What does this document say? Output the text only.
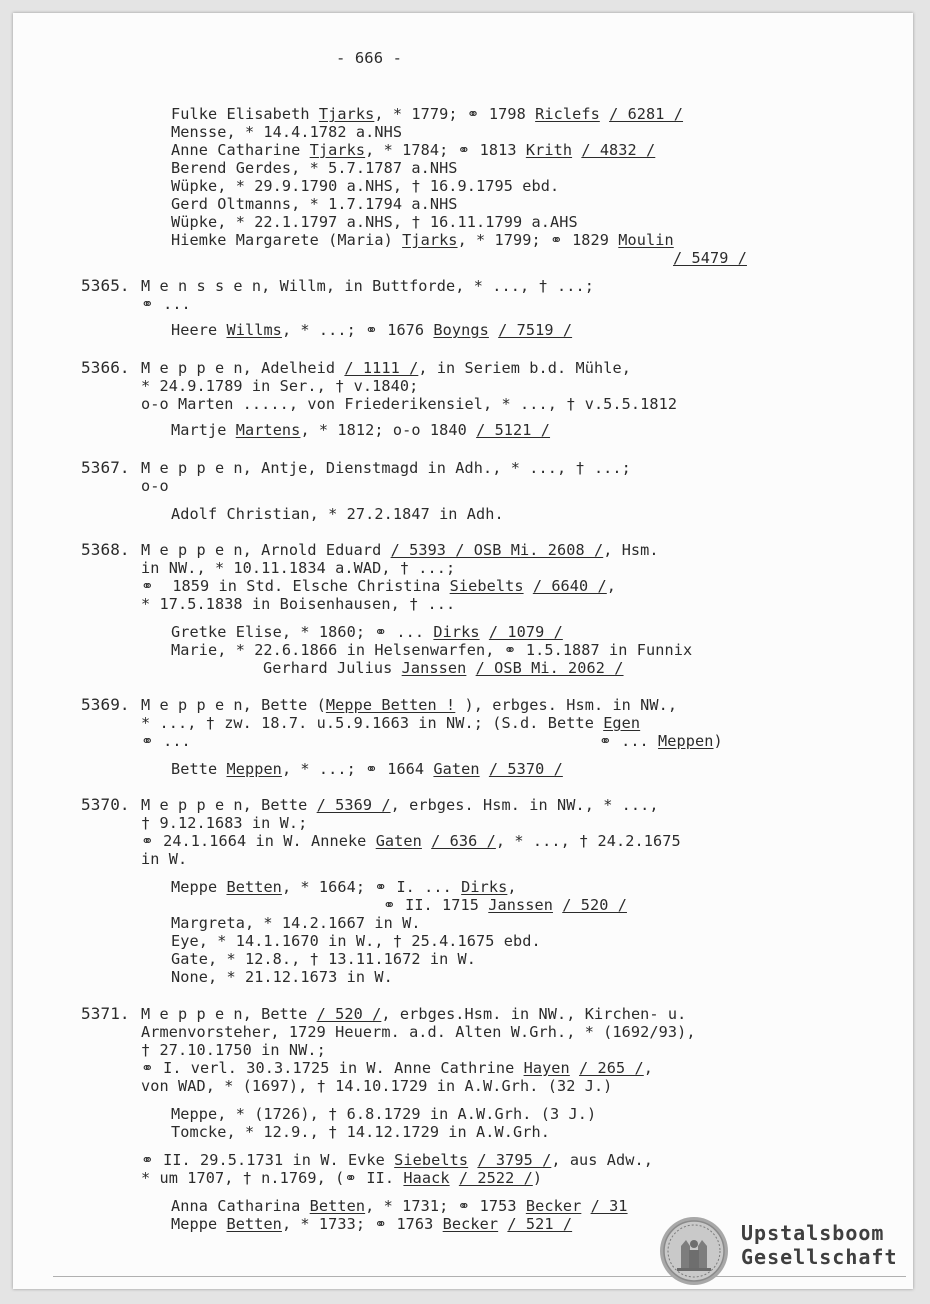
- 666 -
Fulke Elisabeth Tjarks, * 1779; ⚭ 1798 Riclefs / 6281 /
Mensse, * 14.4.1782 a.NHS
Anne Catharine Tjarks, * 1784; ⚭ 1813 Krith / 4832 /
Berend Gerdes, * 5.7.1787 a.NHS
Wüpke, * 29.9.1790 a.NHS, † 16.9.1795 ebd.
Gerd Oltmanns, * 1.7.1794 a.NHS
Wüpke, * 22.1.1797 a.NHS, † 16.11.1799 a.AHS
Hiemke Margarete (Maria) Tjarks, * 1799; ⚭ 1829 Moulin
/ 5479 /
5365. M e n s s e n, Willm, in Buttforde, * ..., † ...;
⚭ ...
Heere Willms, * ...; ⚭ 1676 Boyngs / 7519 /
5366. M e p p e n, Adelheid / 1111 /, in Seriem b.d. Mühle,
* 24.9.1789 in Ser., † v.1840;
o-o Marten ....., von Friederikensiel, * ..., † v.5.5.1812
Martje Martens, * 1812; o-o 1840 / 5121 /
5367. M e p p e n, Antje, Dienstmagd in Adh., * ..., † ...;
o-o
Adolf Christian, * 27.2.1847 in Adh.
5368. M e p p e n, Arnold Eduard / 5393 / OSB Mi. 2608 /, Hsm.
in NW., * 10.11.1834 a.WAD, † ...;
⚭  1859 in Std. Elsche Christina Siebelts / 6640 /,
* 17.5.1838 in Boisenhausen, † ...
Gretke Elise, * 1860; ⚭ ... Dirks / 1079 /
Marie, * 22.6.1866 in Helsenwarfen, ⚭ 1.5.1887 in Funnix
Gerhard Julius Janssen / OSB Mi. 2062 /
5369. M e p p e n, Bette (Meppe Betten ! ), erbges. Hsm. in NW.,
* ..., † zw. 18.7. u.5.9.1663 in NW.; (S.d. Bette Egen
⚭ ...	⚭ ... Meppen)
Bette Meppen, * ...; ⚭ 1664 Gaten / 5370 /
5370. M e p p e n, Bette / 5369 /, erbges. Hsm. in NW., * ...,
† 9.12.1683 in W.;
⚭ 24.1.1664 in W. Anneke Gaten / 636 /, * ..., † 24.2.1675
in W.
Meppe Betten, * 1664; ⚭ I. ... Dirks,
⚭ II. 1715 Janssen / 520 /
Margreta, * 14.2.1667 in W.
Eye, * 14.1.1670 in W., † 25.4.1675 ebd.
Gate, * 12.8., † 13.11.1672 in W.
None, * 21.12.1673 in W.
5371. M e p p e n, Bette / 520 /, erbges.Hsm. in NW., Kirchen- u.
Armenvorsteher, 1729 Heuerm. a.d. Alten W.Grh., * (1692/93),
† 27.10.1750 in NW.;
⚭ I. verl. 30.3.1725 in W. Anne Cathrine Hayen / 265 /,
von WAD, * (1697), † 14.10.1729 in A.W.Grh. (32 J.)
Meppe, * (1726), † 6.8.1729 in A.W.Grh. (3 J.)
Tomcke, * 12.9., † 14.12.1729 in A.W.Grh.
⚭ II. 29.5.1731 in W. Evke Siebelts / 3795 /, aus Adw.,
* um 1707, † n.1769, (⚭ II. Haack / 2522 /)
Anna Catharina Betten, * 1731; ⚭ 1753 Becker / 31
Meppe Betten, * 1733; ⚭ 1763 Becker / 521 /	Upstalsboom
Gesellschaft
